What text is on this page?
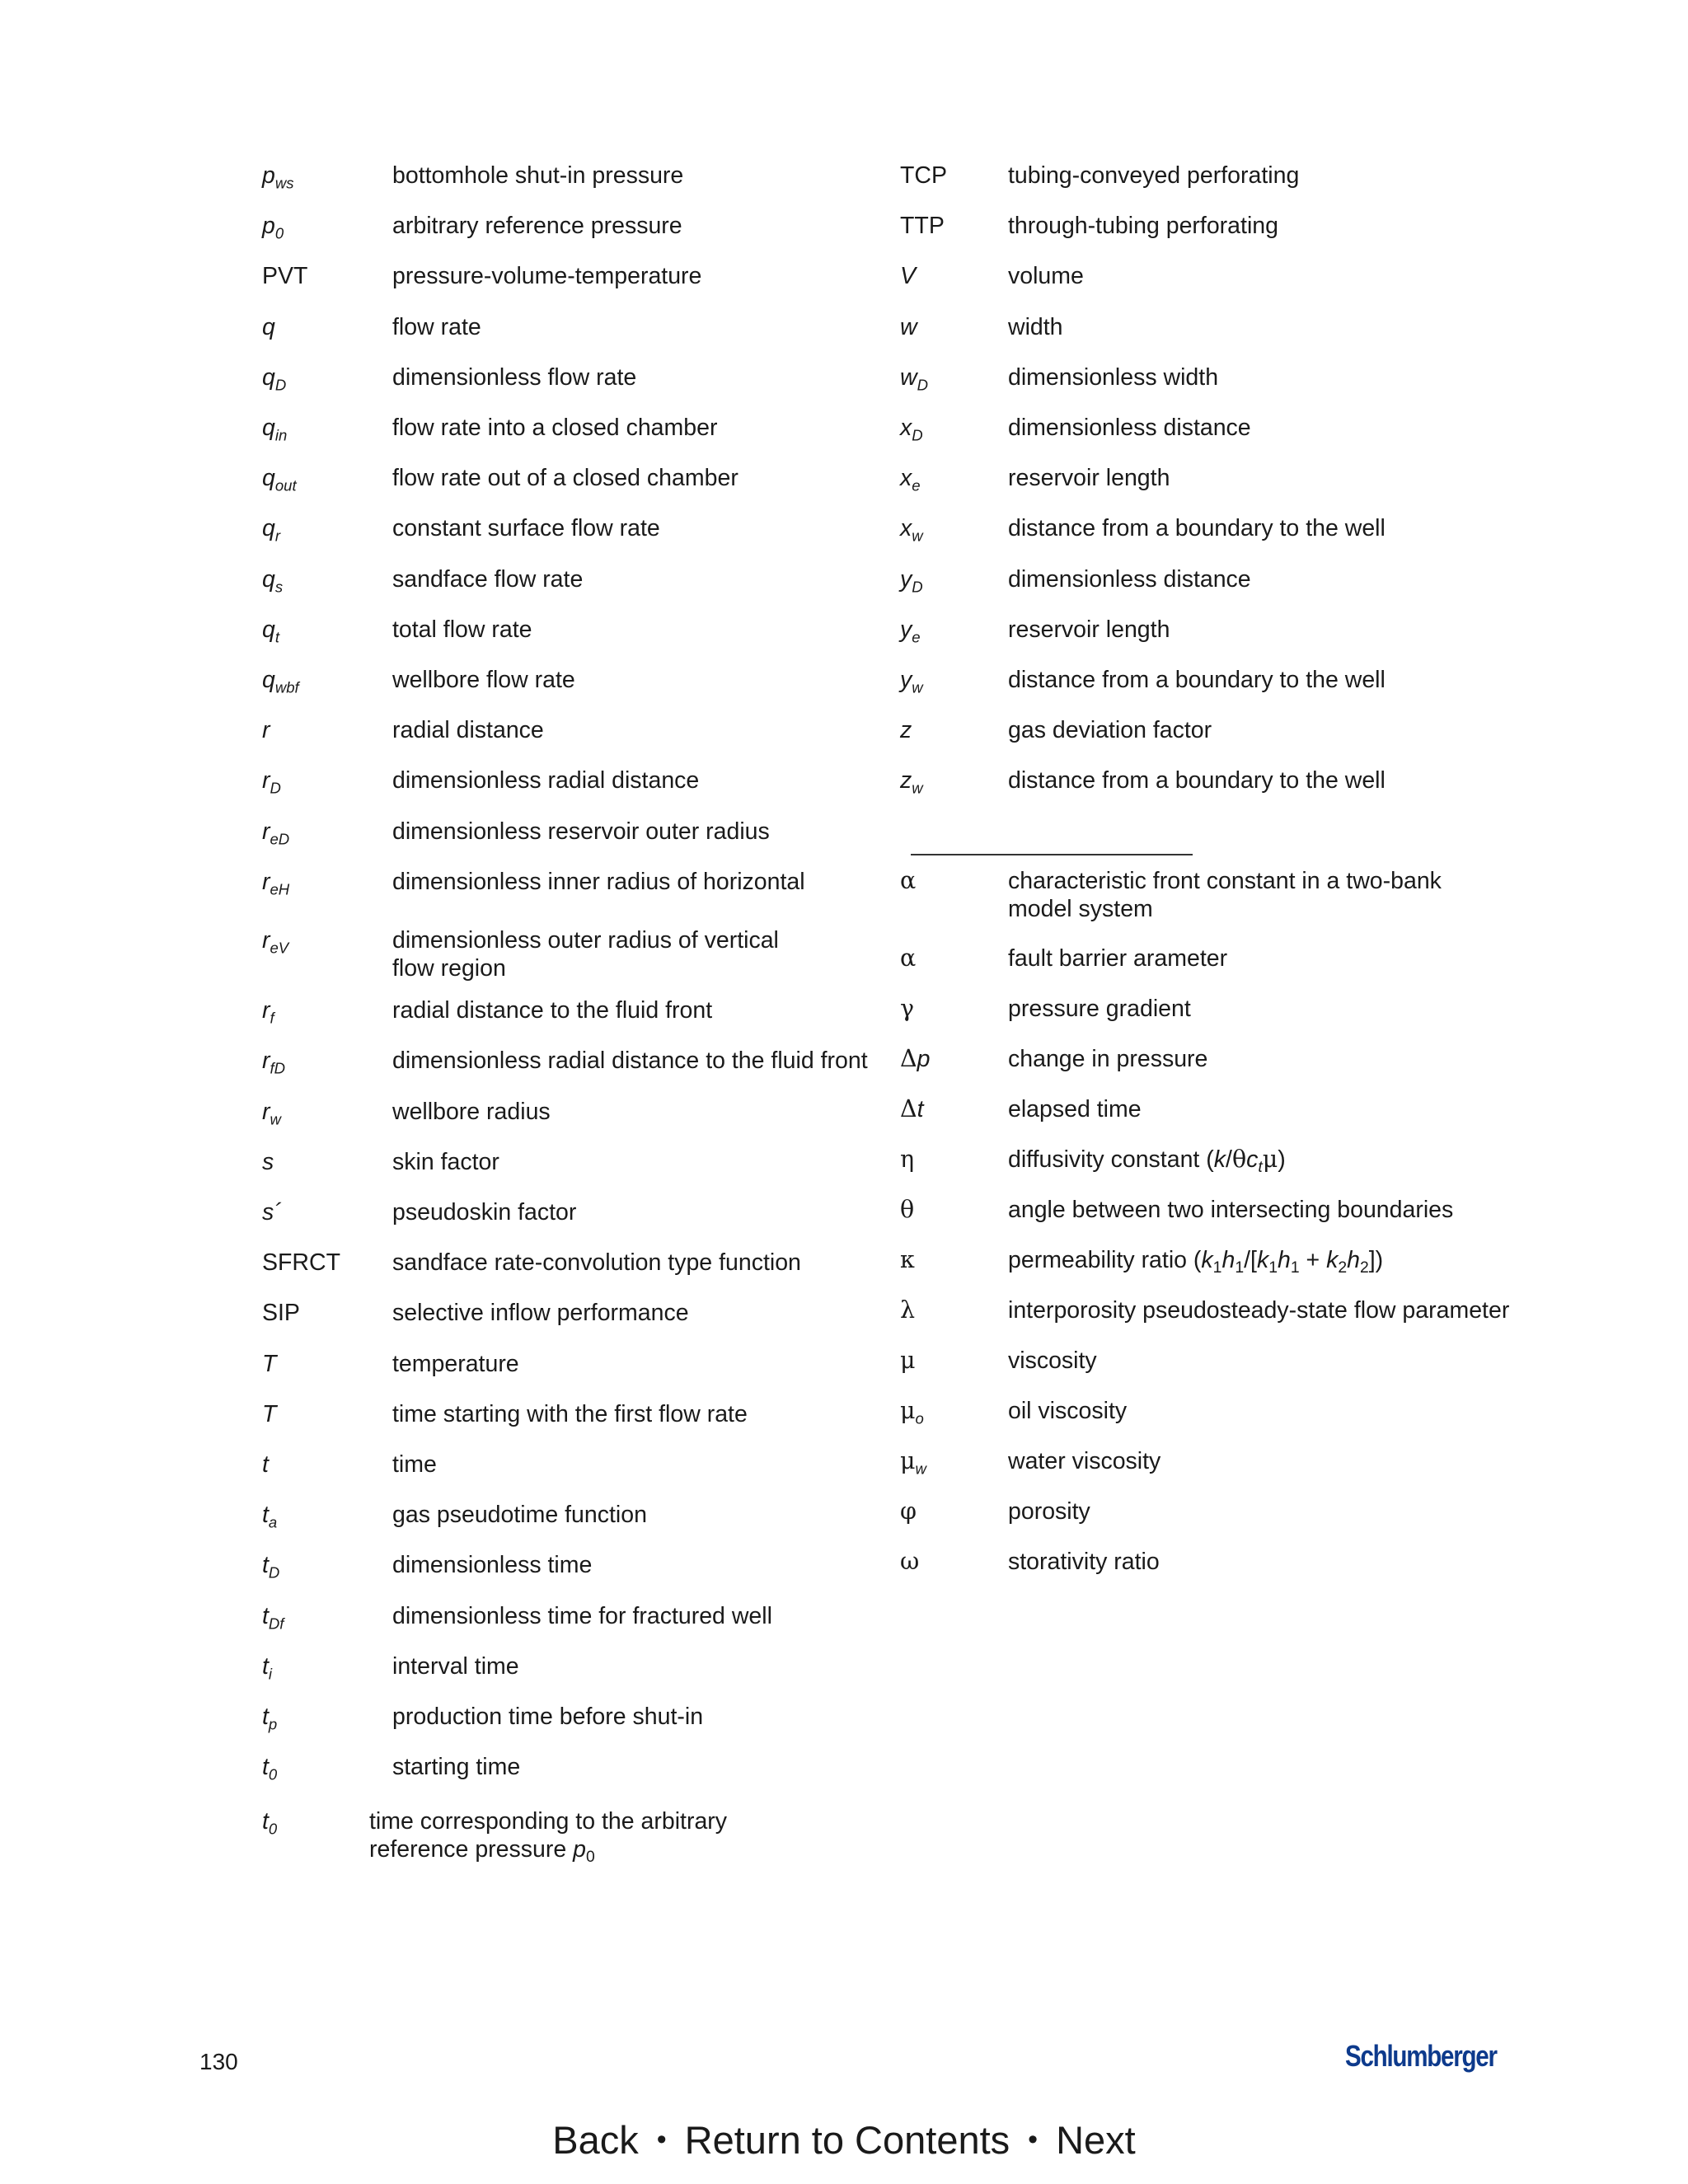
$p_{ws}$	bottomhole shut-in pressure
$p_0$	arbitrary reference pressure
PVT	pressure-volume-temperature
q	flow rate
$q_D$	dimensionless flow rate
$q_{in}$	flow rate into a closed chamber
$q_{out}$	flow rate out of a closed chamber
$q_r$	constant surface flow rate
$q_s$	sandface flow rate
$q_t$	total flow rate
$q_{wbf}$	wellbore flow rate
r	radial distance
$r_D$	dimensionless radial distance
$r_{eD}$	dimensionless reservoir outer radius
$r_{eH}$	dimensionless inner radius of horizontal
$r_{eV}$	dimensionless outer radius of vertical
flow region
$r_f$	radial distance to the fluid front
$r_{fD}$	dimensionless radial distance to the fluid front
$r_w$	wellbore radius
s	skin factor
s´	pseudoskin factor
SFRCT sandface rate-convolution type function
SIP	selective inflow performance
T	temperature
T	time starting with the first flow rate
t	time
$t_a$	gas pseudotime function
$t_D$	dimensionless time
$t_{Df}$	dimensionless time for fractured well
$t_i$	interval time
$t_p$	production time before shut-in
$t_0$	starting time
$t_0$	time corresponding to the arbitrary
reference pressure $p_0$
TCP	tubing-conveyed perforating
TTP	through-tubing perforating
V	volume
w	width
$w_D$	dimensionless width
$x_D$	dimensionless distance
$x_e$	reservoir length
$x_w$	distance from a boundary to the well
$y_D$	dimensionless distance
$y_e$	reservoir length
$y_w$	distance from a boundary to the well
z	gas deviation factor
$z_w$	distance from a boundary to the well
α	characteristic front constant in a two-bank
model system
α	fault barrier arameter
γ	pressure gradient
Δp	change in pressure
Δt	elapsed time
η	diffusivity constant $(k/\theta c_t\mu)$
θ	angle between two intersecting boundaries
κ	permeability ratio $(k_1h_1/[k_1h_1 + k_2h_2])$
λ	interporosity pseudosteady-state flow parameter
μ	viscosity
$\mu_o$	oil viscosity
$\mu_w$	water viscosity
φ	porosity
ω	storativity ratio
130	Schlumberger
Back • Return to Contents • Next
